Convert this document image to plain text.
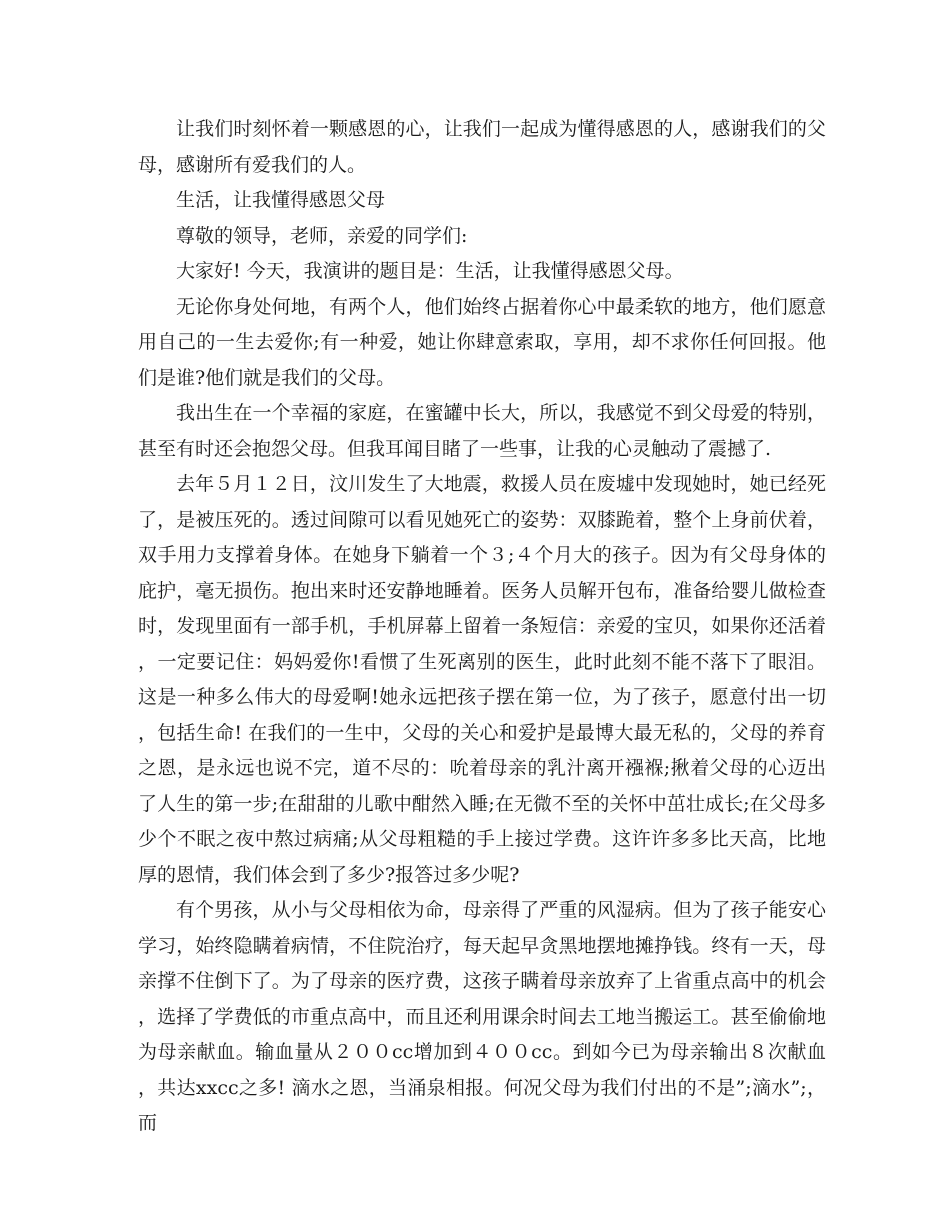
让我们时刻怀着一颗感恩的心，让我们一起成为懂得感恩的人，感谢我们的父母，感谢所有爱我们的人。

生活，让我懂得感恩父母

尊敬的领导，老师，亲爱的同学们:

大家好! 今天，我演讲的题目是：生活，让我懂得感恩父母。

无论你身处何地，有两个人，他们始终占据着你心中最柔软的地方，他们愿意用自己的一生去爱你;有一种爱，她让你肆意索取，享用，却不求你任何回报。他们是谁?他们就是我们的父母。

我出生在一个幸福的家庭，在蜜罐中长大，所以，我感觉不到父母爱的特别，甚至有时还会抱怨父母。但我耳闻目睹了一些事，让我的心灵触动了震撼了.

去年５月１２日，汶川发生了大地震，救援人员在废墟中发现她时，她已经死了，是被压死的。透过间隙可以看见她死亡的姿势：双膝跪着，整个上身前伏着，双手用力支撑着身体。在她身下躺着一个３;４个月大的孩子。因为有父母身体的庇护，毫无损伤。抱出来时还安静地睡着。医务人员解开包布，准备给婴儿做检查时，发现里面有一部手机，手机屏幕上留着一条短信：亲爱的宝贝，如果你还活着，一定要记住：妈妈爱你!看惯了生死离别的医生，此时此刻不能不落下了眼泪。这是一种多么伟大的母爱啊!她永远把孩子摆在第一位，为了孩子，愿意付出一切，包括生命! 在我们的一生中，父母的关心和爱护是最博大最无私的，父母的养育之恩，是永远也说不完，道不尽的：吮着母亲的乳汁离开襁褓;揪着父母的心迈出了人生的第一步;在甜甜的儿歌中酣然入睡;在无微不至的关怀中茁壮成长;在父母多少个不眠之夜中熬过病痛;从父母粗糙的手上接过学费。这许许多多比天高，比地厚的恩情，我们体会到了多少?报答过多少呢?

有个男孩，从小与父母相依为命，母亲得了严重的风湿病。但为了孩子能安心学习，始终隐瞒着病情，不住院治疗，每天起早贪黑地摆地摊挣钱。终有一天，母亲撑不住倒下了。为了母亲的医疗费，这孩子瞒着母亲放弃了上省重点高中的机会，选择了学费低的市重点高中，而且还利用课余时间去工地当搬运工。甚至偷偷地为母亲献血。输血量从２００cc增加到４００cc。到如今已为母亲输出８次献血，共达xxcc之多! 滴水之恩，当涌泉相报。何况父母为我们付出的不是”;滴水”;，而
